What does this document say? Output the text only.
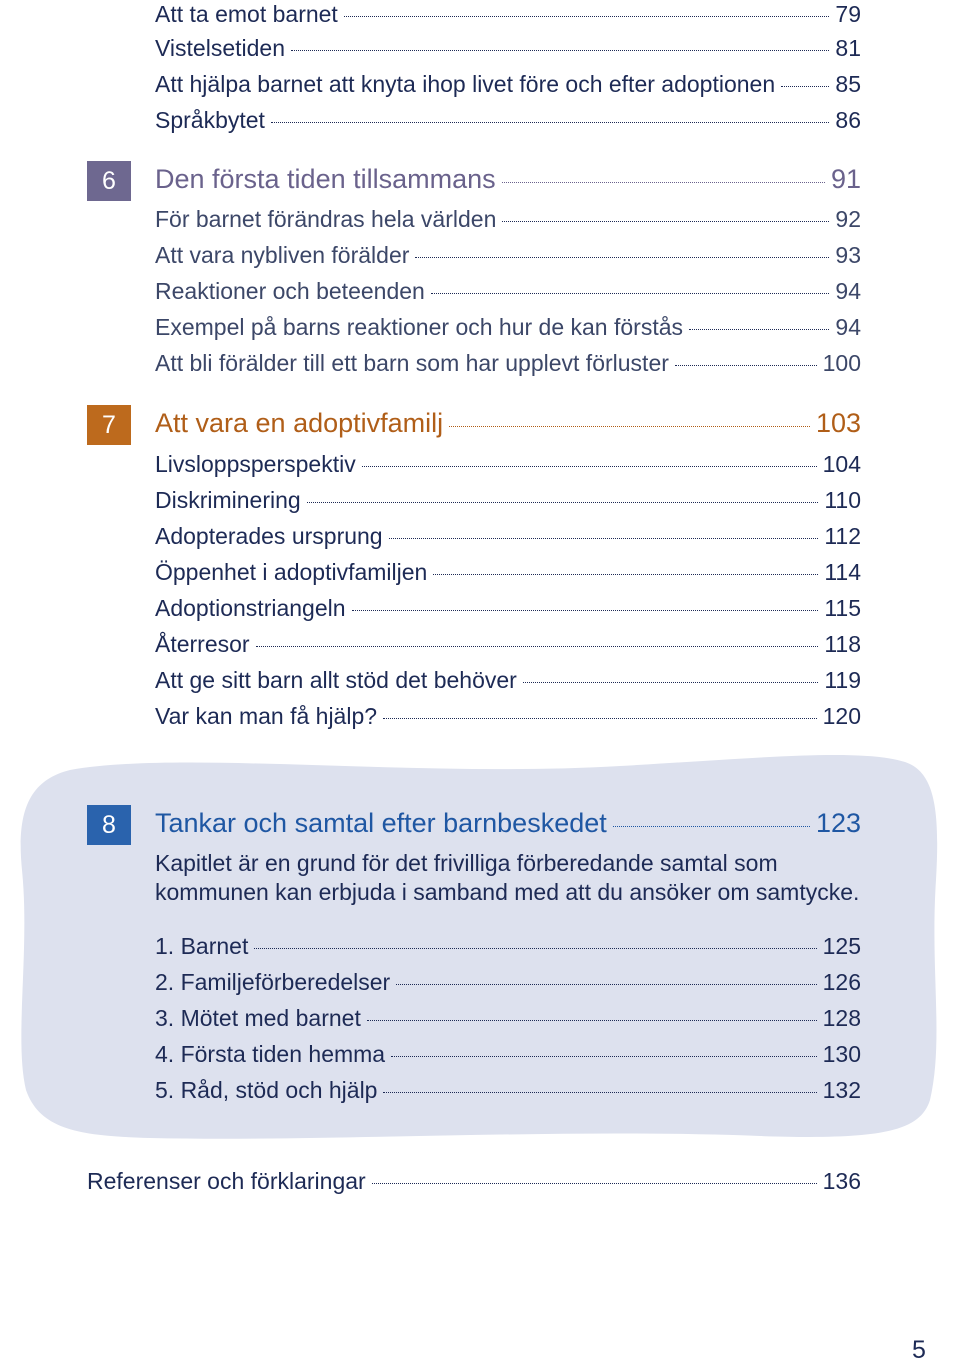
Att ta emot barnet	79
Vistelsetiden	81
Att hjälpa barnet att knyta ihop livet före och efter adoptionen	85
Språkbytet	86
6	Den första tiden tillsammans	91
För barnet förändras hela världen	92
Att vara nybliven förälder	93
Reaktioner och beteenden	94
Exempel på barns reaktioner och hur de kan förstås	94
Att bli förälder till ett barn som har upplevt förluster	100
7	Att vara en adoptivfamilj	103
Livsloppsperspektiv	104
Diskriminering	110
Adopterades ursprung	112
Öppenhet i adoptivfamiljen	114
Adoptionstriangeln	115
Återresor	118
Att ge sitt barn allt stöd det behöver	119
Var kan man få hjälp?	120
8	Tankar och samtal efter barnbeskedet	123
Kapitlet är en grund för det frivilliga förberedande samtal som
kommunen kan erbjuda i samband med att du ansöker om samtycke.
1. Barnet	125
2. Familjeförberedelser	126
3. Mötet med barnet	128
4. Första tiden hemma	130
5. Råd, stöd och hjälp	132
Referenser och förklaringar	136
5
